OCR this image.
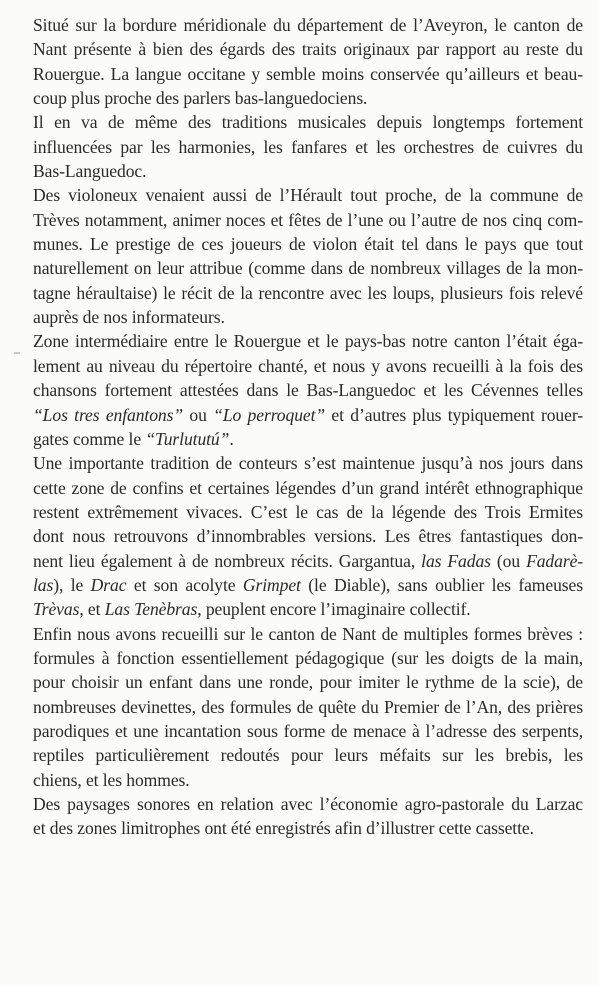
Situé sur la bordure méridionale du département de l’Aveyron, le canton de
Nant présente à bien des égards des traits originaux par rapport au reste du
Rouergue. La langue occitane y semble moins conservée qu’ailleurs et beau-
coup plus proche des parlers bas-languedociens.
Il en va de même des traditions musicales depuis longtemps fortement
influencées par les harmonies, les fanfares et les orchestres de cuivres du
Bas-Languedoc.
Des violoneux venaient aussi de l’Hérault tout proche, de la commune de
Trèves notamment, animer noces et fêtes de l’une ou l’autre de nos cinq com-
munes. Le prestige de ces joueurs de violon était tel dans le pays que tout
naturellement on leur attribue (comme dans de nombreux villages de la mon-
tagne héraultaise) le récit de la rencontre avec les loups, plusieurs fois relevé
auprès de nos informateurs.
Zone intermédiaire entre le Rouergue et le pays-bas notre canton l’était éga-
lement au niveau du répertoire chanté, et nous y avons recueilli à la fois des
chansons fortement attestées dans le Bas-Languedoc et les Cévennes telles
“Los tres enfantons” ou “Lo perroquet” et d’autres plus typiquement rouer-
gates comme le “Turlututú”.
Une importante tradition de conteurs s’est maintenue jusqu’à nos jours dans
cette zone de confins et certaines légendes d’un grand intérêt ethnographique
restent extrêmement vivaces. C’est le cas de la légende des Trois Ermites
dont nous retrouvons d’innombrables versions. Les êtres fantastiques don-
nent lieu également à de nombreux récits. Gargantua, las Fadas (ou Fadarè-
las), le Drac et son acolyte Grimpet (le Diable), sans oublier les fameuses
Trèvas, et Las Tenèbras, peuplent encore l’imaginaire collectif.
Enfin nous avons recueilli sur le canton de Nant de multiples formes brèves :
formules à fonction essentiellement pédagogique (sur les doigts de la main,
pour choisir un enfant dans une ronde, pour imiter le rythme de la scie), de
nombreuses devinettes, des formules de quête du Premier de l’An, des prières
parodiques et une incantation sous forme de menace à l’adresse des serpents,
reptiles particulièrement redoutés pour leurs méfaits sur les brebis, les
chiens, et les hommes.
Des paysages sonores en relation avec l’économie agro-pastorale du Larzac
et des zones limitrophes ont été enregistrés afin d’illustrer cette cassette.
